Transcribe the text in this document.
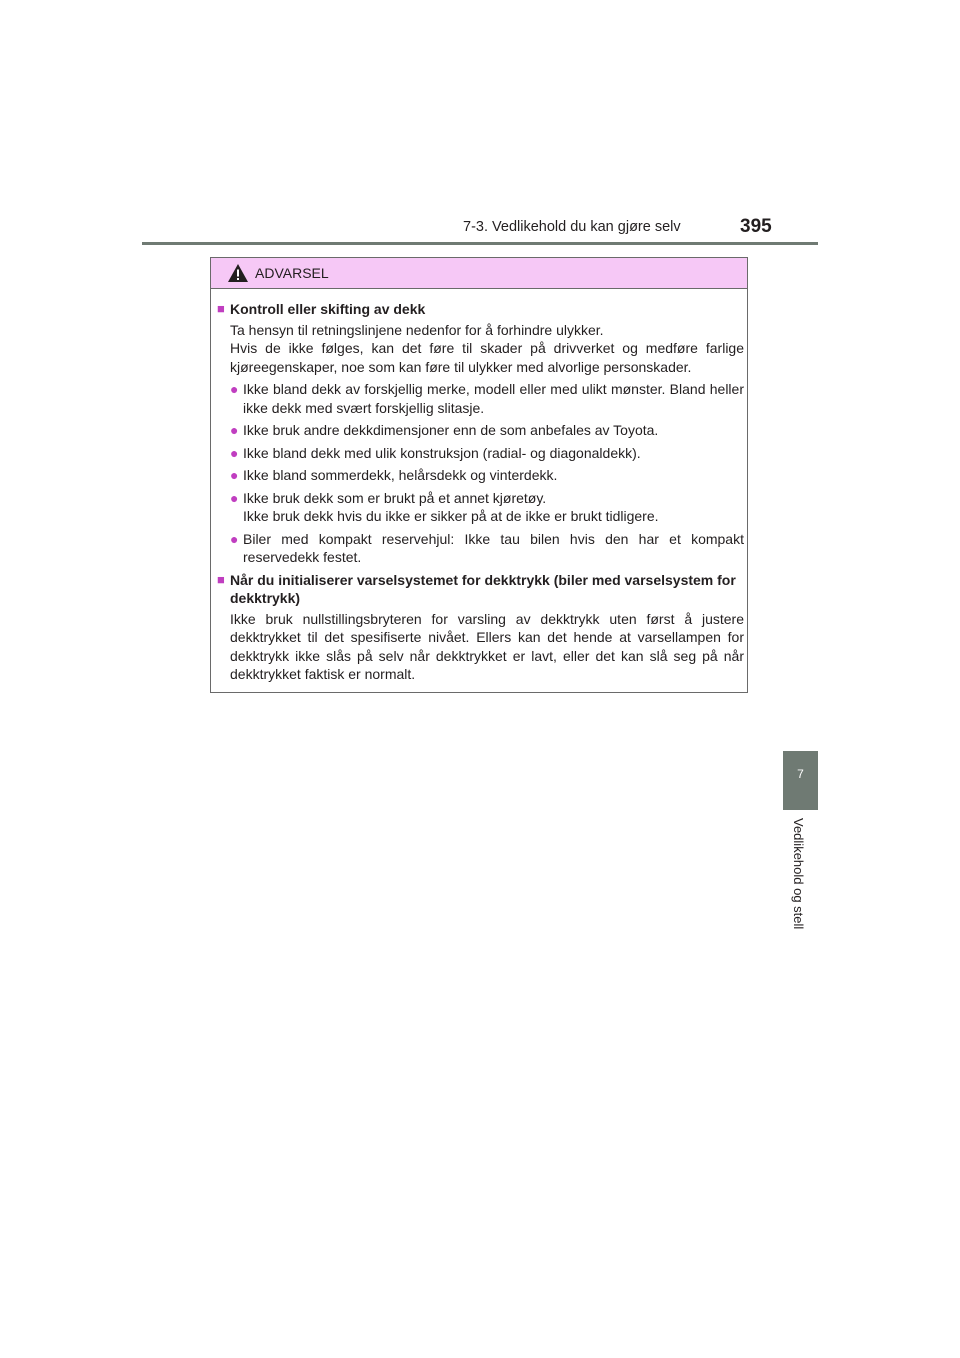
7-3. Vedlikehold du kan gjøre selv	395
7
Vedlikehold og stell
ADVARSEL
■ Kontroll eller skifting av dekk
Ta hensyn til retningslinjene nedenfor for å forhindre ulykker.
Hvis de ikke følges, kan det føre til skader på drivverket og medføre farlige kjøreegenskaper, noe som kan føre til ulykker med alvorlige personskader.
● Ikke bland dekk av forskjellig merke, modell eller med ulikt mønster. Bland heller ikke dekk med svært forskjellig slitasje.
● Ikke bruk andre dekkdimensjoner enn de som anbefales av Toyota.
● Ikke bland dekk med ulik konstruksjon (radial- og diagonaldekk).
● Ikke bland sommerdekk, helårsdekk og vinterdekk.
● Ikke bruk dekk som er brukt på et annet kjøretøy.
Ikke bruk dekk hvis du ikke er sikker på at de ikke er brukt tidligere.
● Biler med kompakt reservehjul: Ikke tau bilen hvis den har et kompakt reservedekk festet.
■ Når du initialiserer varselsystemet for dekktrykk (biler med varselsystem for dekktrykk)
Ikke bruk nullstillingsbryteren for varsling av dekktrykk uten først å justere dekktrykket til det spesifiserte nivået. Ellers kan det hende at varsellampen for dekktrykk ikke slås på selv når dekktrykket er lavt, eller det kan slå seg på når dekktrykket faktisk er normalt.
